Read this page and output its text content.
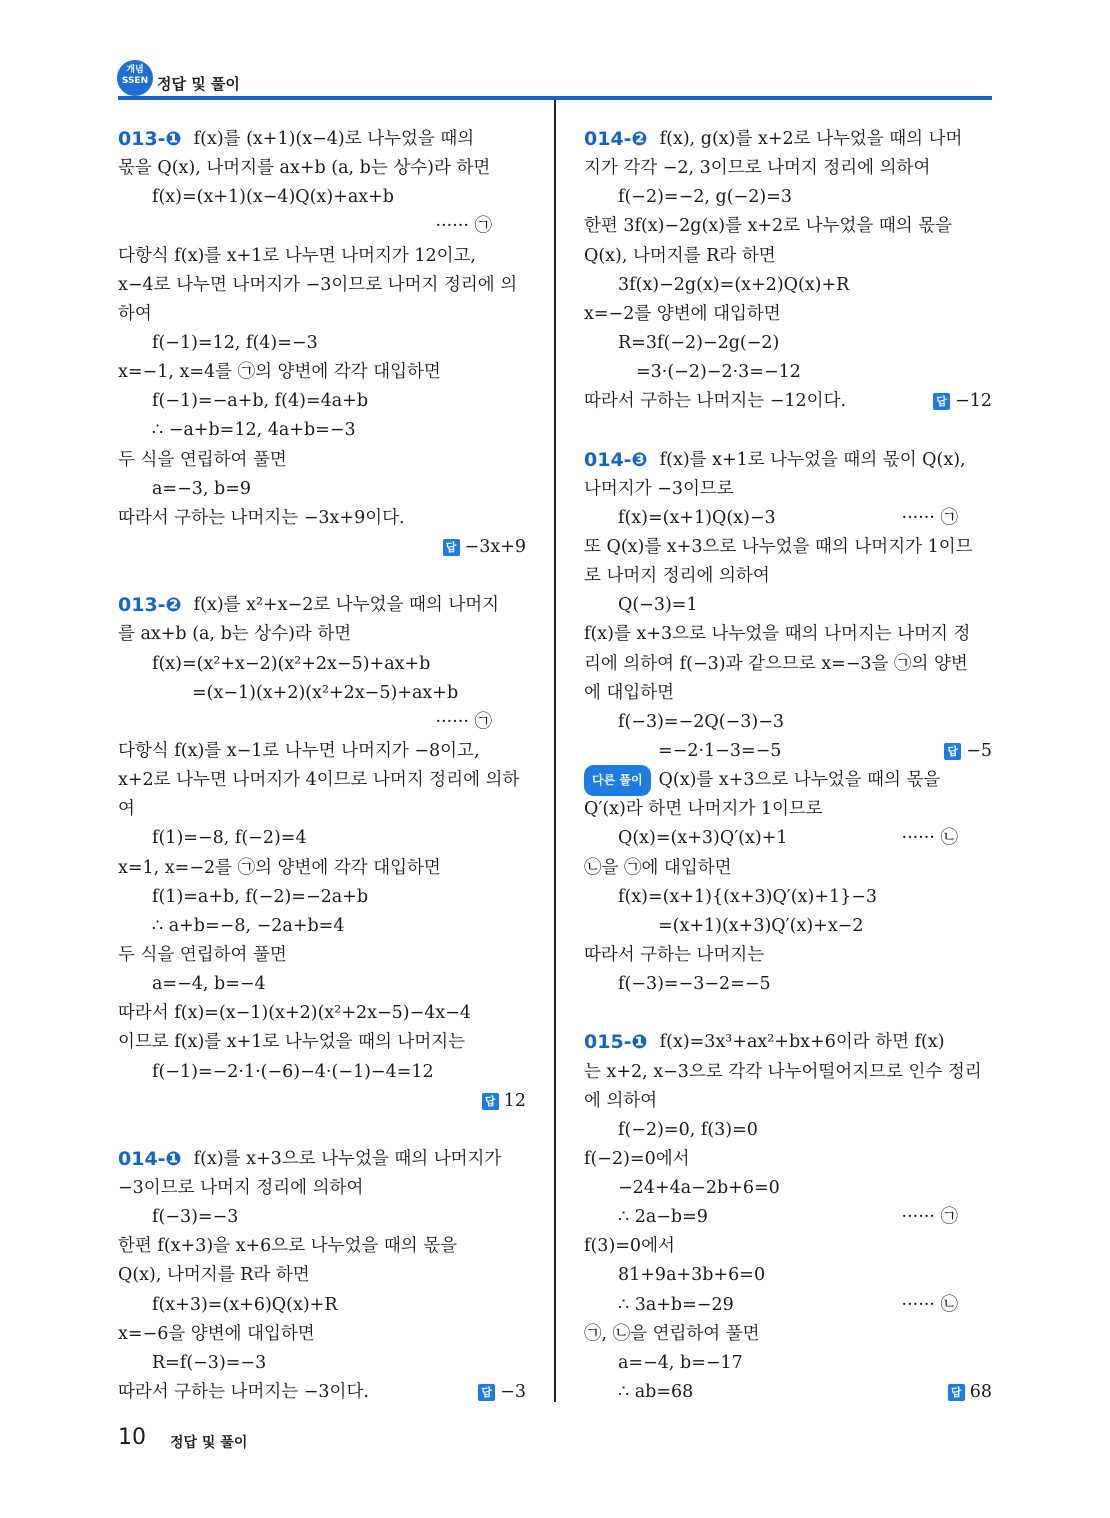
개념
SSEN 정답 및 풀이
013-❶ f(x)를 (x+1)(x−4)로 나누었을 때의
몫을 Q(x), 나머지를 ax+b (a, b는 상수)라 하면
f(x)=(x+1)(x−4)Q(x)+ax+b
······ ㉠
다항식 f(x)를 x+1로 나누면 나머지가 12이고,
x−4로 나누면 나머지가 −3이므로 나머지 정리에 의
하여
f(−1)=12, f(4)=−3
x=−1, x=4를 ㉠의 양변에 각각 대입하면
f(−1)=−a+b, f(4)=4a+b
∴ −a+b=12, 4a+b=−3
두 식을 연립하여 풀면
a=−3, b=9
따라서 구하는 나머지는 −3x+9이다.
답 −3x+9
013-❷ f(x)를 x²+x−2로 나누었을 때의 나머지
를 ax+b (a, b는 상수)라 하면
f(x)=(x²+x−2)(x²+2x−5)+ax+b
=(x−1)(x+2)(x²+2x−5)+ax+b
······ ㉠
다항식 f(x)를 x−1로 나누면 나머지가 −8이고,
x+2로 나누면 나머지가 4이므로 나머지 정리에 의하
여
f(1)=−8, f(−2)=4
x=1, x=−2를 ㉠의 양변에 각각 대입하면
f(1)=a+b, f(−2)=−2a+b
∴ a+b=−8, −2a+b=4
두 식을 연립하여 풀면
a=−4, b=−4
따라서 f(x)=(x−1)(x+2)(x²+2x−5)−4x−4
이므로 f(x)를 x+1로 나누었을 때의 나머지는
f(−1)=−2·1·(−6)−4·(−1)−4=12
답 12
014-❶ f(x)를 x+3으로 나누었을 때의 나머지가
−3이므로 나머지 정리에 의하여
f(−3)=−3
한편 f(x+3)을 x+6으로 나누었을 때의 몫을
Q(x), 나머지를 R라 하면
f(x+3)=(x+6)Q(x)+R
x=−6을 양변에 대입하면
R=f(−3)=−3
따라서 구하는 나머지는 −3이다.	답 −3
014-❷ f(x), g(x)를 x+2로 나누었을 때의 나머
지가 각각 −2, 3이므로 나머지 정리에 의하여
f(−2)=−2, g(−2)=3
한편 3f(x)−2g(x)를 x+2로 나누었을 때의 몫을
Q(x), 나머지를 R라 하면
3f(x)−2g(x)=(x+2)Q(x)+R
x=−2를 양변에 대입하면
R=3f(−2)−2g(−2)
=3·(−2)−2·3=−12
따라서 구하는 나머지는 −12이다.	답 −12
014-❸ f(x)를 x+1로 나누었을 때의 몫이 Q(x),
나머지가 −3이므로
f(x)=(x+1)Q(x)−3	······ ㉠
또 Q(x)를 x+3으로 나누었을 때의 나머지가 1이므
로 나머지 정리에 의하여
Q(−3)=1
f(x)를 x+3으로 나누었을 때의 나머지는 나머지 정
리에 의하여 f(−3)과 같으므로 x=−3을 ㉠의 양변
에 대입하면
f(−3)=−2Q(−3)−3
=−2·1−3=−5	답 −5
다른 풀이 Q(x)를 x+3으로 나누었을 때의 몫을
Q′(x)라 하면 나머지가 1이므로
Q(x)=(x+3)Q′(x)+1	······ ㉡
㉡을 ㉠에 대입하면
f(x)=(x+1){(x+3)Q′(x)+1}−3
=(x+1)(x+3)Q′(x)+x−2
따라서 구하는 나머지는
f(−3)=−3−2=−5
015-❶ f(x)=3x³+ax²+bx+6이라 하면 f(x)
는 x+2, x−3으로 각각 나누어떨어지므로 인수 정리
에 의하여
f(−2)=0, f(3)=0
f(−2)=0에서
−24+4a−2b+6=0
∴ 2a−b=9	······ ㉠
f(3)=0에서
81+9a+3b+6=0
∴ 3a+b=−29	······ ㉡
㉠, ㉡을 연립하여 풀면
a=−4, b=−17
∴ ab=68	답 68
10 정답 및 풀이
